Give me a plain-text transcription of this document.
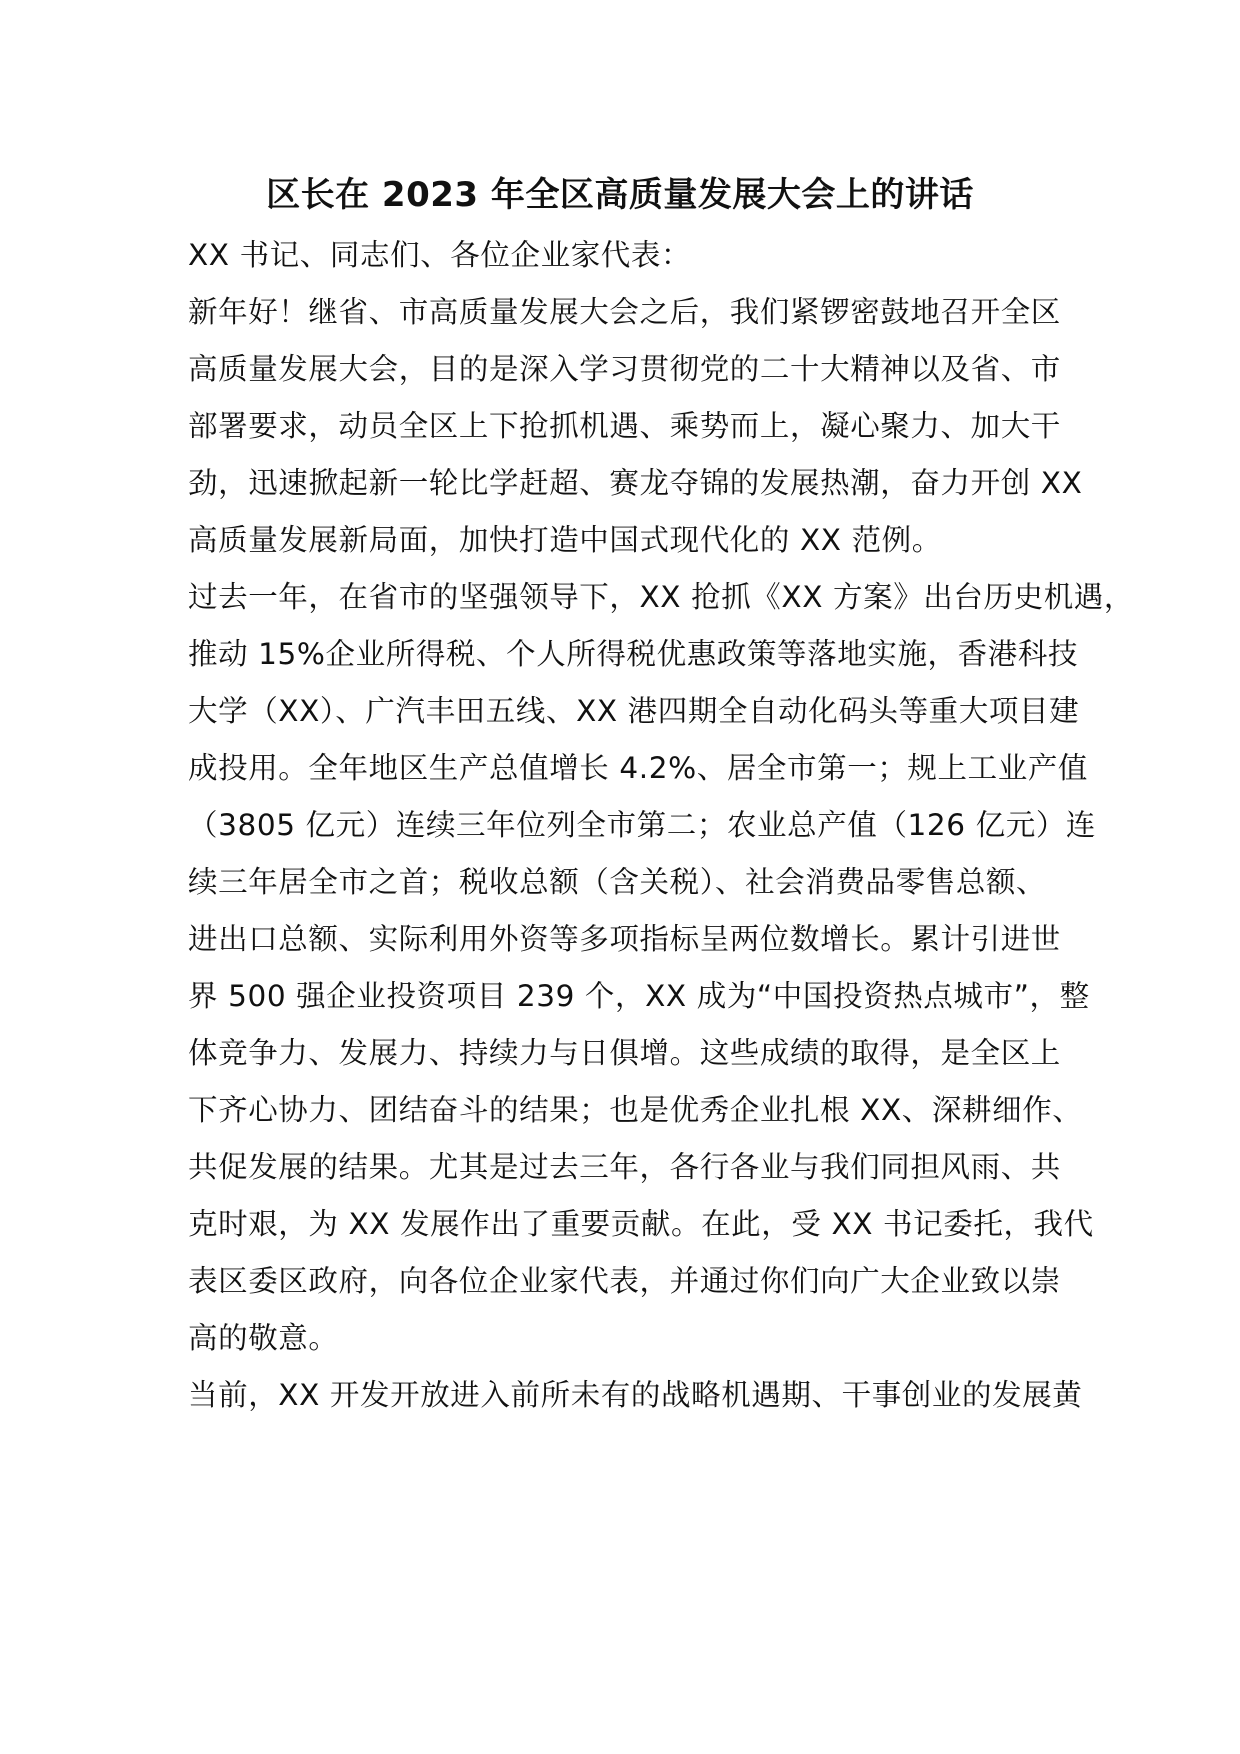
区长在 2023 年全区高质量发展大会上的讲话
XX 书记、同志们、各位企业家代表：
新年好！继省、市高质量发展大会之后，我们紧锣密鼓地召开全区
高质量发展大会，目的是深入学习贯彻党的二十大精神以及省、市
部署要求，动员全区上下抢抓机遇、乘势而上，凝心聚力、加大干
劲，迅速掀起新一轮比学赶超、赛龙夺锦的发展热潮，奋力开创 XX
高质量发展新局面，加快打造中国式现代化的 XX 范例。
过去一年，在省市的坚强领导下，XX 抢抓《XX 方案》出台历史机遇，
推动 15%企业所得税、个人所得税优惠政策等落地实施，香港科技
大学（XX）、广汽丰田五线、XX 港四期全自动化码头等重大项目建
成投用。全年地区生产总值增长 4.2%、居全市第一；规上工业产值
（3805 亿元）连续三年位列全市第二；农业总产值（126 亿元）连
续三年居全市之首；税收总额（含关税）、社会消费品零售总额、
进出口总额、实际利用外资等多项指标呈两位数增长。累计引进世
界 500 强企业投资项目 239 个，XX 成为“中国投资热点城市”，整
体竞争力、发展力、持续力与日俱增。这些成绩的取得，是全区上
下齐心协力、团结奋斗的结果；也是优秀企业扎根 XX、深耕细作、
共促发展的结果。尤其是过去三年，各行各业与我们同担风雨、共
克时艰，为 XX 发展作出了重要贡献。在此，受 XX 书记委托，我代
表区委区政府，向各位企业家代表，并通过你们向广大企业致以崇
高的敬意。
当前，XX 开发开放进入前所未有的战略机遇期、干事创业的发展黄
